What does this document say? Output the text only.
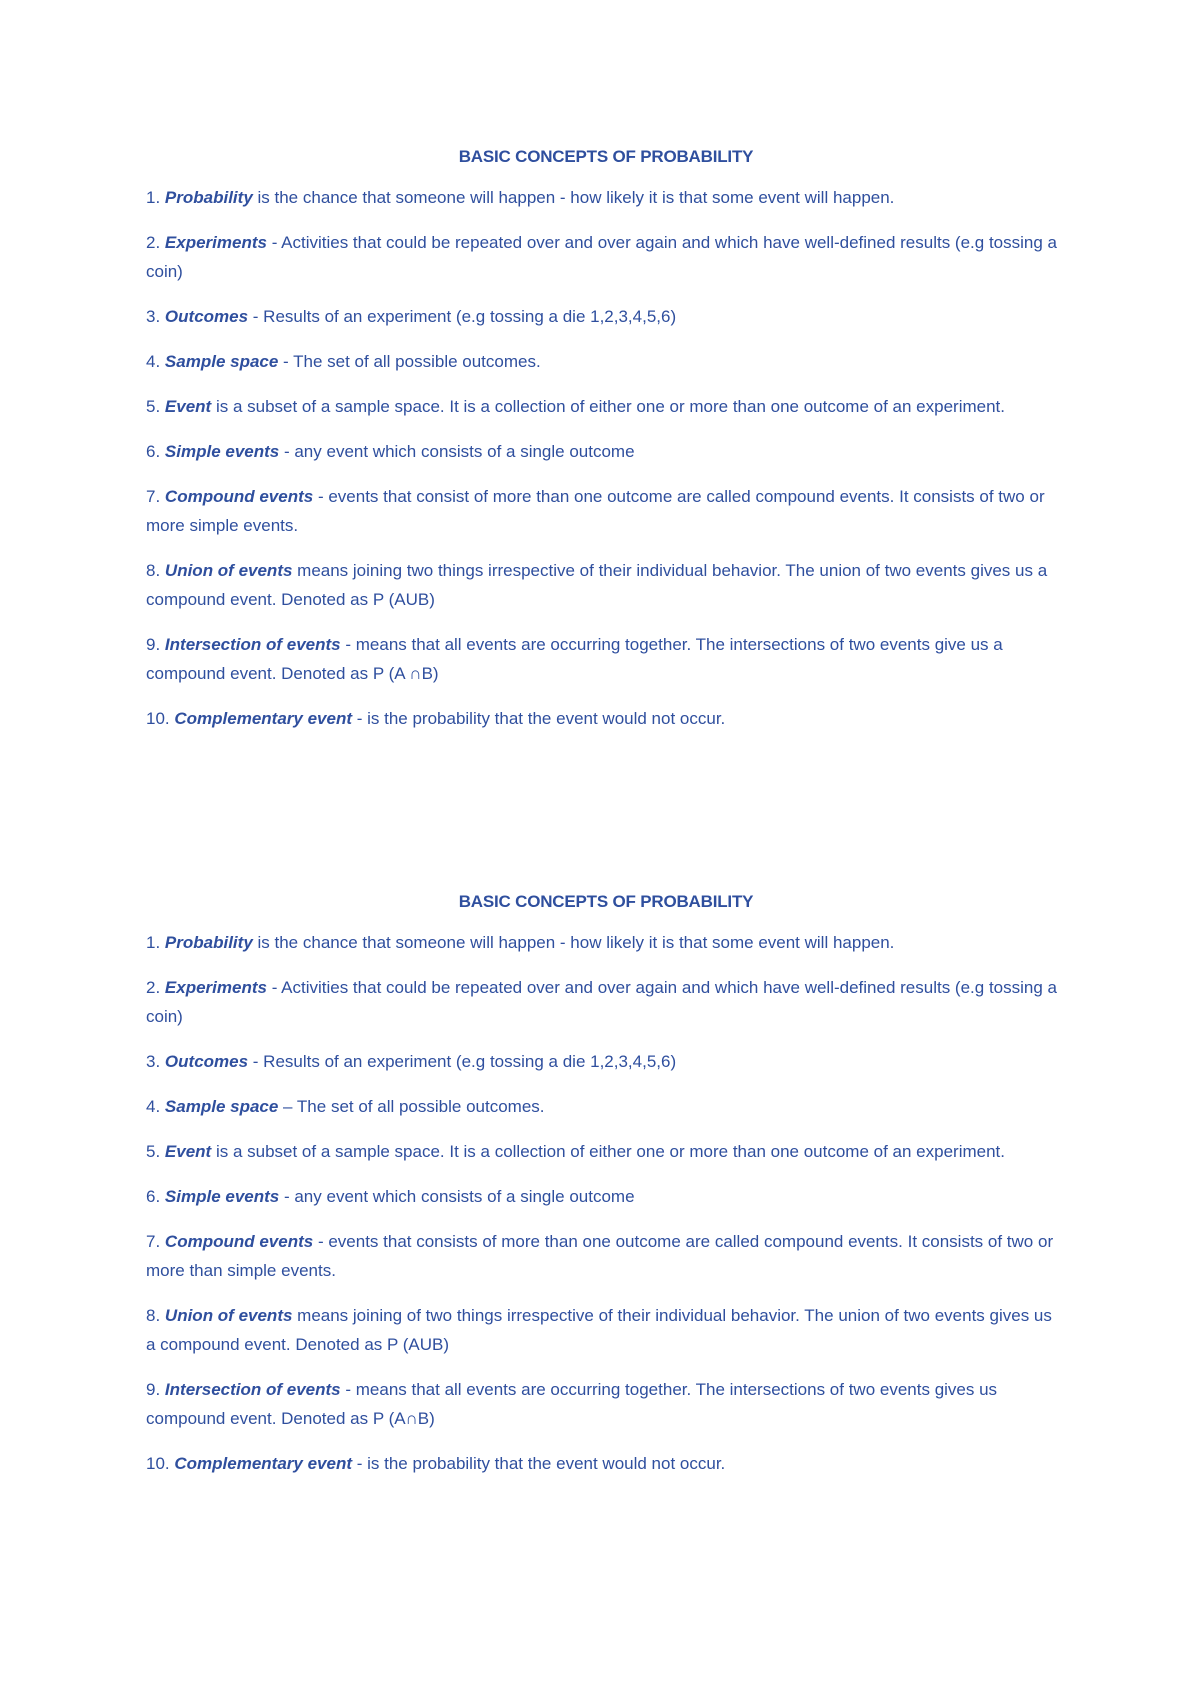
BASIC CONCEPTS OF PROBABILITY
1. Probability is the chance that someone will happen - how likely it is that some event will happen.
2. Experiments - Activities that could be repeated over and over again and which have well-defined results (e.g tossing a coin)
3. Outcomes - Results of an experiment (e.g tossing a die 1,2,3,4,5,6)
4. Sample space - The set of all possible outcomes.
5. Event is a subset of a sample space. It is a collection of either one or more than one outcome of an experiment.
6. Simple events - any event which consists of a single outcome
7. Compound events - events that consist of more than one outcome are called compound events. It consists of two or more simple events.
8. Union of events means joining two things irrespective of their individual behavior. The union of two events gives us a compound event. Denoted as P (AUB)
9. Intersection of events - means that all events are occurring together. The intersections of two events give us a compound event. Denoted as P (A ∩B)
10. Complementary event - is the probability that the event would not occur.
BASIC CONCEPTS OF PROBABILITY
1. Probability is the chance that someone will happen - how likely it is that some event will happen.
2. Experiments - Activities that could be repeated over and over again and which have well-defined results (e.g tossing a coin)
3. Outcomes - Results of an experiment (e.g tossing a die 1,2,3,4,5,6)
4. Sample space – The set of all possible outcomes.
5. Event is a subset of a sample space. It is a collection of either one or more than one outcome of an experiment.
6. Simple events - any event which consists of a single outcome
7. Compound events - events that consists of more than one outcome are called compound events. It consists of two or more than simple events.
8. Union of events means joining of two things irrespective of their individual behavior. The union of two events gives us a compound event. Denoted as P (AUB)
9. Intersection of events - means that all events are occurring together. The intersections of two events gives us compound event. Denoted as P (A∩B)
10. Complementary event - is the probability that the event would not occur.
